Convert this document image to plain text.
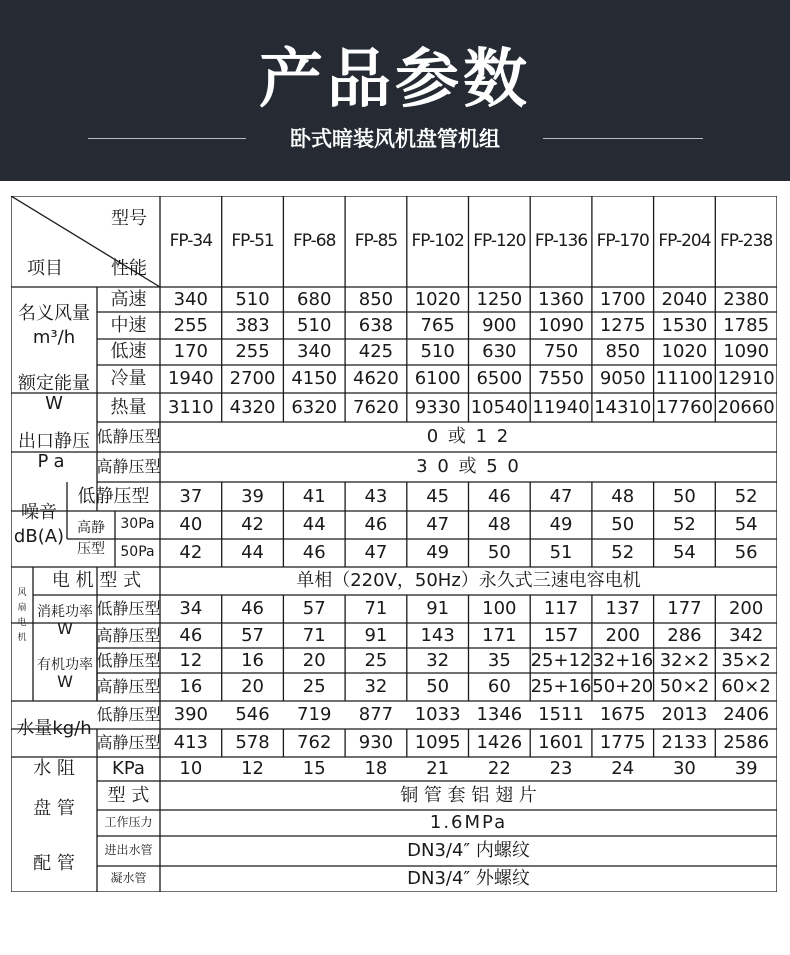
产品参数
卧式暗装风机盘管机组
型号
项目	性能
FP-34	FP-51	FP-68	FP-85 FP-102 FP-120 FP-136 FP-170 FP-204 FP-238
名义风量
m³/h
高速	340	510	680	850	1020 1250 1360 1700 2040 2380
中速	255	383	510	638	765	900	1090 1275 1530 1785
低速	170	255	340	425	510	630	750	850	1020 1090
额定能量
W
冷量	1940 2700 4150 4620 6100 6500 7550 9050 11100 12910
热量	3110 4320 6320 7620 9330 10540 11940 14310 17760 20660
出口静压
Pa
低静压型	0 或 1 2
高静压型	3 0 或 5 0
噪音
dB(A)
低静压型	37	39	41	43	45	46	47	48	50	52
高静
压型
30Pa	40	42	44	46	47	48	49	50	52	54
50Pa	42	44	46	47	49	50	51	52	54	56
风
扇
电
机
电 机 型 式	单相（220V，50Hz）永久式三速电容电机
消耗功率
W
低静压型	34	46	57	71	91	100	117	137	177	200
高静压型	46	57	71	91	143	171	157	200	286	342
有机功率
W
低静压型	12	16	20	25	32	35	25+12 32+16 32×2 35×2
高静压型	16	20	25	32	50	60	25+16 50+20 50×2 60×2
水量kg/h
低静压型 390	546	719	877	1033 1346 1511 1675 2013 2406
高静压型 413	578	762	930	1095 1426 1601 1775 2133 2586
水 阻	KPa	10	12	15	18	21	22	23	24	30	39
盘 管
型 式	铜 管 套 铝 翅 片
工作压力	1.6MPa
配 管
进出水管	DN3/4″ 内螺纹
凝水管	DN3/4″ 外螺纹
